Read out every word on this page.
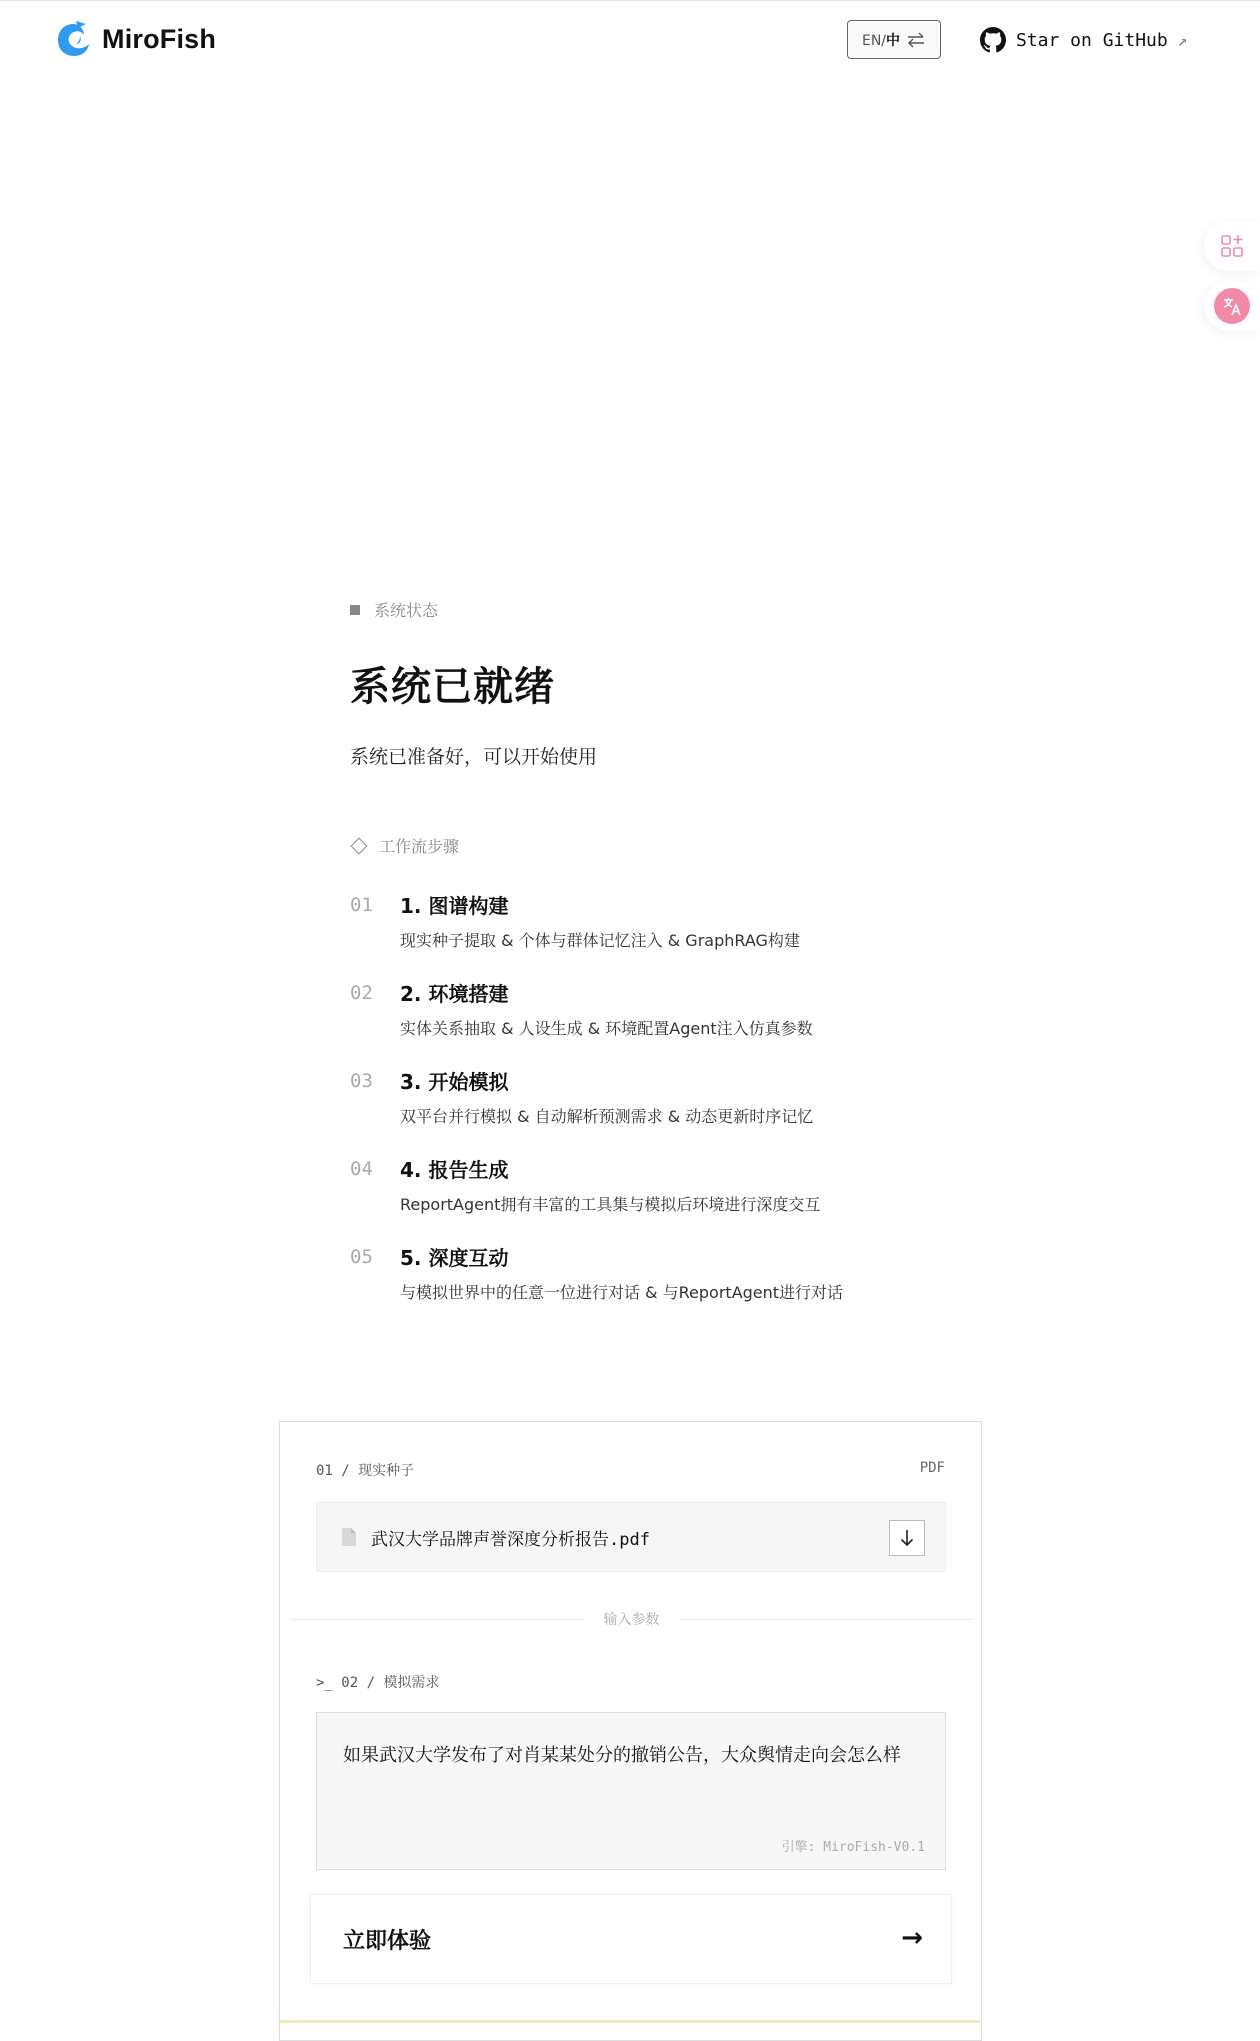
MiroFish	EN/中	Star on GitHub ↗
系统状态
系统已就绪
系统已准备好，可以开始使用
工作流步骤
01 1. 图谱构建
现实种子提取 & 个体与群体记忆注入 & GraphRAG构建
02 2. 环境搭建
实体关系抽取 & 人设生成 & 环境配置Agent注入仿真参数
03 3. 开始模拟
双平台并行模拟 & 自动解析预测需求 & 动态更新时序记忆
04 4. 报告生成
ReportAgent拥有丰富的工具集与模拟后环境进行深度交互
05 5. 深度互动
与模拟世界中的任意一位进行对话 & 与ReportAgent进行对话
01 / 现实种子	PDF
武汉大学品牌声誉深度分析报告.pdf
输入参数
>_ 02 / 模拟需求
如果武汉大学发布了对肖某某处分的撤销公告，大众舆情走向会怎么样
引擎: MiroFish-V0.1
立即体验	→
